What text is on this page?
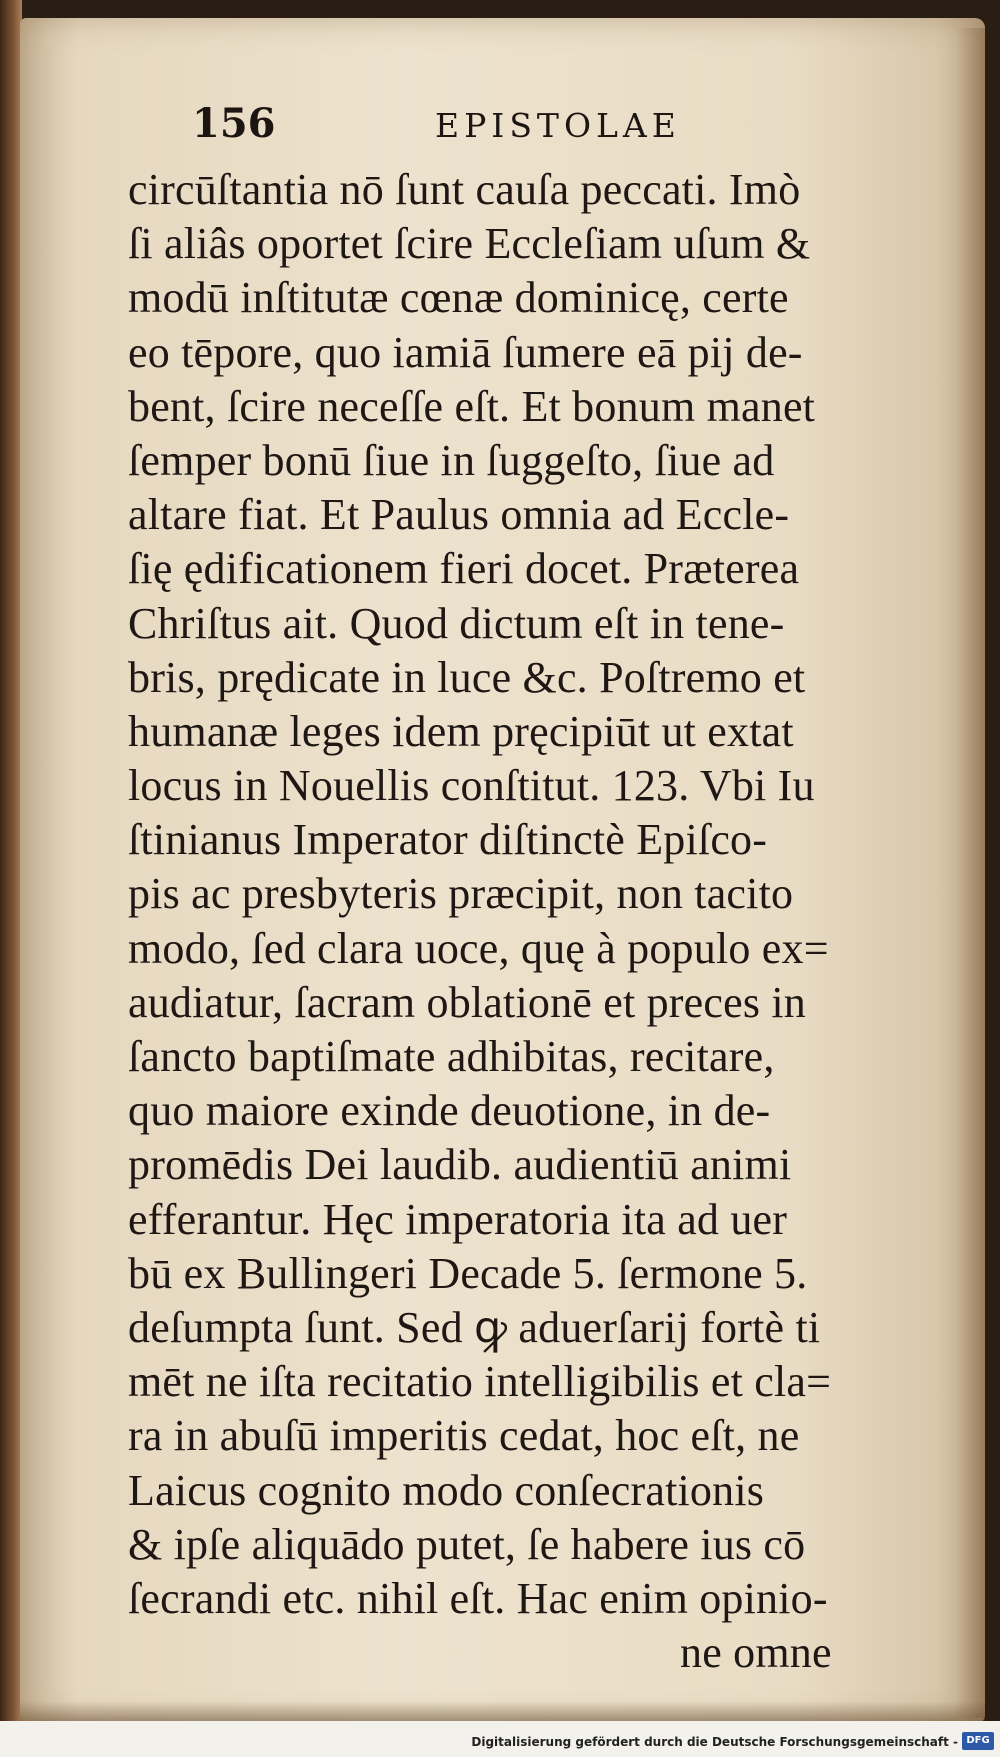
156	EPISTOLAE
circūſtantia nō ſunt cauſa peccati. Imò
ſi aliâs oportet ſcire Eccleſiam uſum &
modū inſtitutæ cœnæ dominicę, certe
eo tēpore, quo iamiā ſumere eā pij de-
bent, ſcire neceſſe eſt. Et bonum manet
ſemper bonū ſiue in ſuggeſto, ſiue ad
altare fiat. Et Paulus omnia ad Eccle-
ſię ędificationem fieri docet. Præterea
Chriſtus ait. Quod dictum eſt in tene-
bris, prędicate in luce &c. Poſtremo et
humanæ leges idem pręcipiūt ut extat
locus in Nouellis conſtitut. 123. Vbi Iu
ſtinianus Imperator diſtinctè Epiſco-
pis ac presbyteris præcipit, non tacito
modo, ſed clara uoce, quę à populo ex=
audiatur, ſacram oblationē et preces in
ſancto baptiſmate adhibitas, recitare,
quo maiore exinde deuotione, in de-
promēdis Dei laudib. audientiū animi
efferantur. Hęc imperatoria ita ad uer
bū ex Bullingeri Decade 5. ſermone 5.
deſumpta ſunt. Sed ꝙ aduerſarij fortè ti
mēt ne iſta recitatio intelligibilis et cla=
ra in abuſū imperitis cedat, hoc eſt, ne
Laicus cognito modo conſecrationis
& ipſe aliquādo putet, ſe habere ius cō
ſecrandi etc. nihil eſt. Hac enim opinio-
ne omne
Digitalisierung gefördert durch die Deutsche Forschungsgemeinschaft - DFG
